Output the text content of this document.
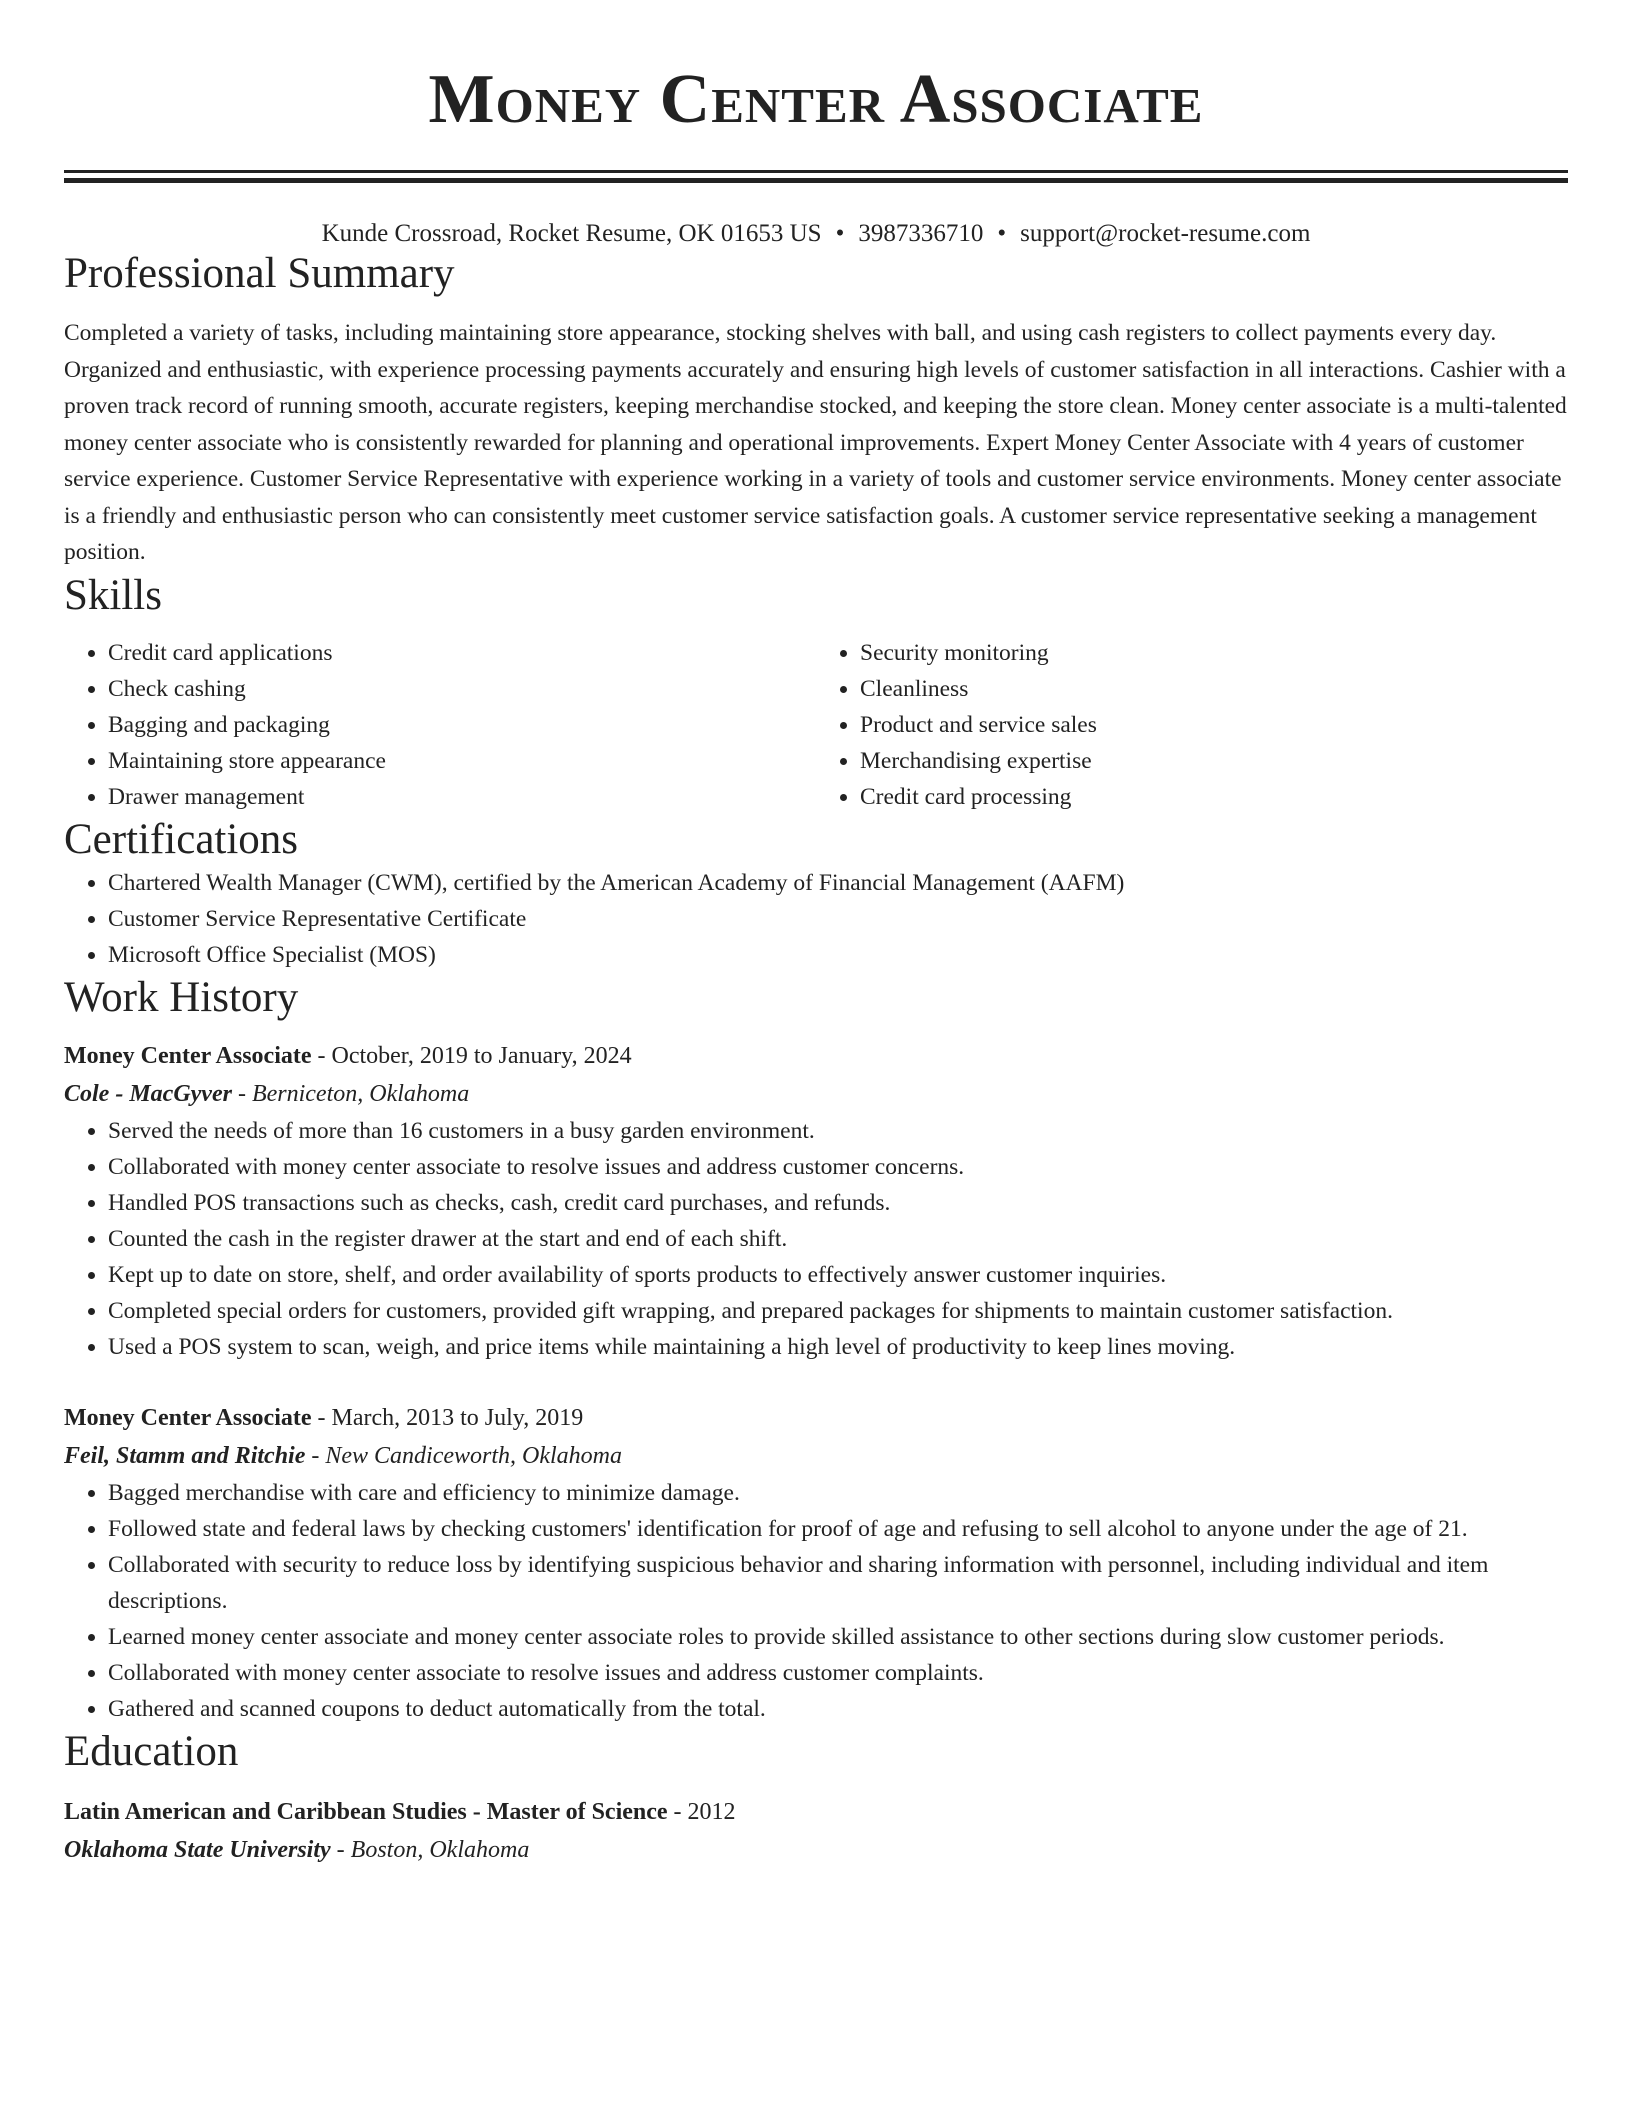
Money Center Associate
Kunde Crossroad, Rocket Resume, OK 01653 US • 3987336710 • support@rocket-resume.com
Professional Summary

Completed a variety of tasks, including maintaining store appearance, stocking shelves with ball, and using cash registers to collect payments every day. Organized and enthusiastic, with experience processing payments accurately and ensuring high levels of customer satisfaction in all interactions. Cashier with a proven track record of running smooth, accurate registers, keeping merchandise stocked, and keeping the store clean. Money center associate is a multi-talented money center associate who is consistently rewarded for planning and operational improvements. Expert Money Center Associate with 4 years of customer service experience. Customer Service Representative with experience working in a variety of tools and customer service environments. Money center associate is a friendly and enthusiastic person who can consistently meet customer service satisfaction goals. A customer service representative seeking a management position.

Skills
• Credit card applications
• Check cashing
• Bagging and packaging
• Maintaining store appearance
• Drawer management
• Security monitoring
• Cleanliness
• Product and service sales
• Merchandising expertise
• Credit card processing
Certifications
• Chartered Wealth Manager (CWM), certified by the American Academy of Financial Management (AAFM)
• Customer Service Representative Certificate
• Microsoft Office Specialist (MOS)
Work History
Money Center Associate - October, 2019 to January, 2024
Cole - MacGyver - Berniceton, Oklahoma
• Served the needs of more than 16 customers in a busy garden environment.
• Collaborated with money center associate to resolve issues and address customer concerns.
• Handled POS transactions such as checks, cash, credit card purchases, and refunds.
• Counted the cash in the register drawer at the start and end of each shift.
• Kept up to date on store, shelf, and order availability of sports products to effectively answer customer inquiries.
• Completed special orders for customers, provided gift wrapping, and prepared packages for shipments to maintain customer satisfaction.
• Used a POS system to scan, weigh, and price items while maintaining a high level of productivity to keep lines moving.
Money Center Associate - March, 2013 to July, 2019
Feil, Stamm and Ritchie - New Candiceworth, Oklahoma
• Bagged merchandise with care and efficiency to minimize damage.
• Followed state and federal laws by checking customers' identification for proof of age and refusing to sell alcohol to anyone under the age of 21.
• Collaborated with security to reduce loss by identifying suspicious behavior and sharing information with personnel, including individual and item descriptions.
• Learned money center associate and money center associate roles to provide skilled assistance to other sections during slow customer periods.
• Collaborated with money center associate to resolve issues and address customer complaints.
• Gathered and scanned coupons to deduct automatically from the total.
Education
Latin American and Caribbean Studies - Master of Science - 2012
Oklahoma State University - Boston, Oklahoma
